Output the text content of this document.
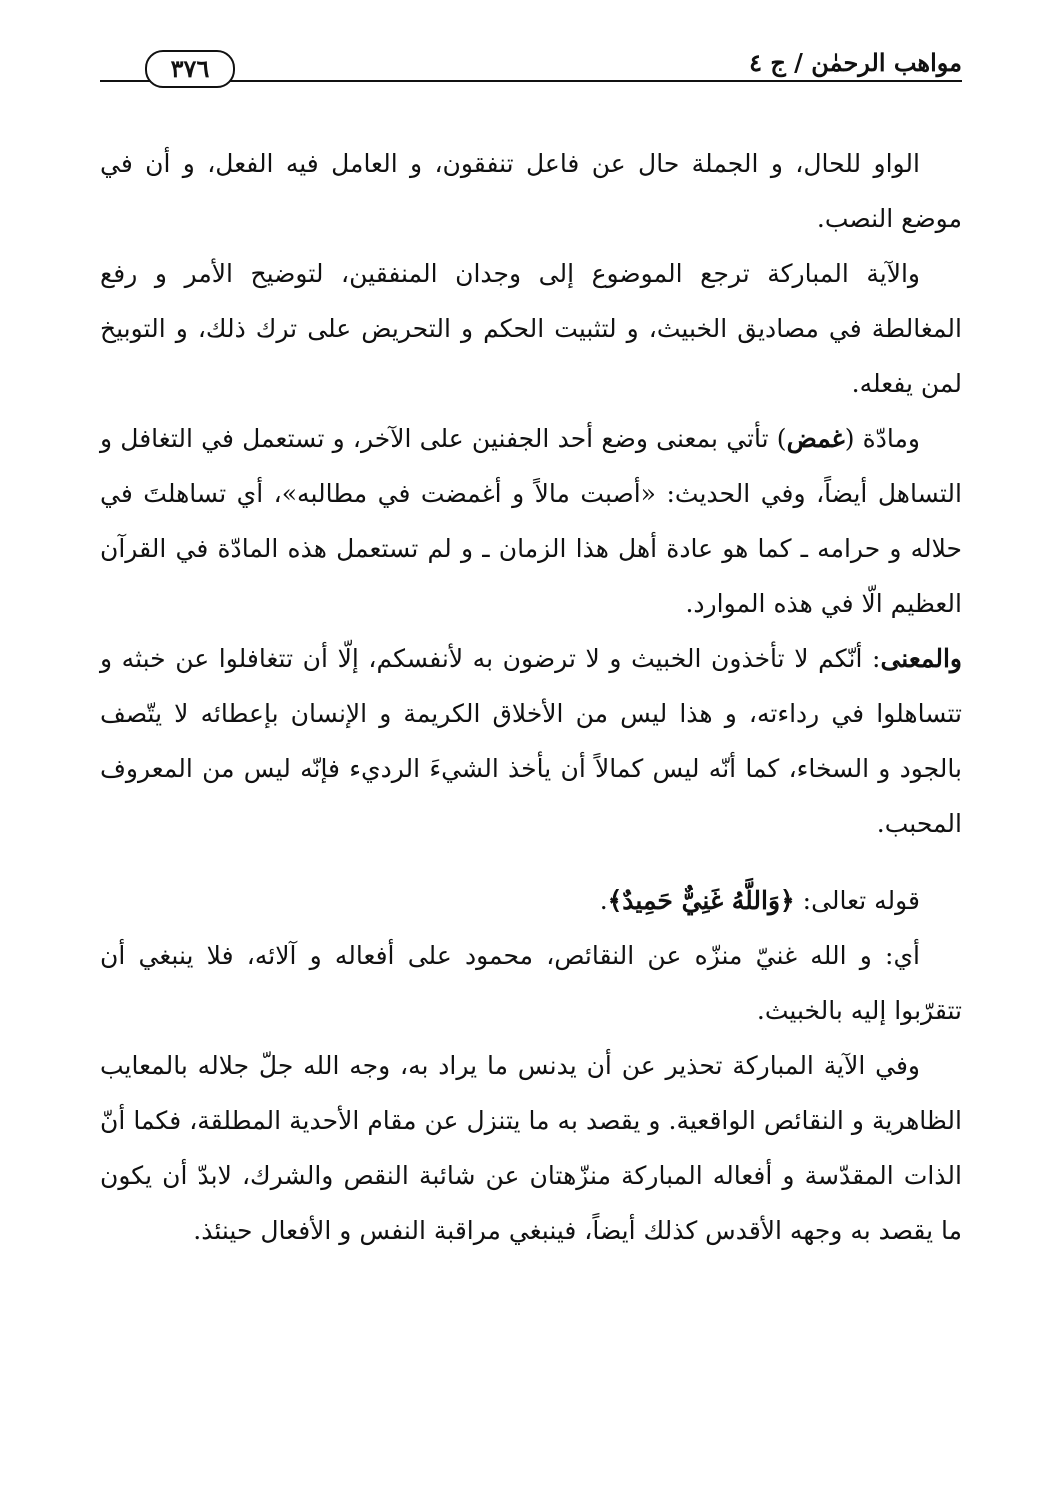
٣٧٦	مواهب الرحمٰن / ج ٤

الواو للحال، و الجملة حال عن فاعل تنفقون، و العامل فيه الفعل، و أن في موضع النصب.

والآية المباركة ترجع الموضوع إلى وجدان المنفقين، لتوضيح الأمر و رفع المغالطة في مصاديق الخبيث، و لتثبيت الحكم و التحريض على ترك ذلك، و التوبيخ لمن يفعله.

ومادّة (غمض) تأتي بمعنى وضع أحد الجفنين على الآخر، و تستعمل في التغافل و التساهل أيضاً، وفي الحديث: «أصبت مالاً و أغمضت في مطالبه»، أي تساهلتَ في حلاله و حرامه ـ كما هو عادة أهل هذا الزمان ـ و لم تستعمل هذه المادّة في القرآن العظيم الّا في هذه الموارد.

والمعنى: أنّكم لا تأخذون الخبيث و لا ترضون به لأنفسكم، إلّا أن تتغافلوا عن خبثه و تتساهلوا في رداءته، و هذا ليس من الأخلاق الكريمة و الإنسان بإعطائه لا يتّصف بالجود و السخاء، كما أنّه ليس كمالاً أن يأخذ الشيءَ الرديء فإنّه ليس من المعروف المحبب.

قوله تعالى: ﴿وَاللَّهُ غَنِيٌّ حَمِيدٌ﴾.

أي: و الله غنيّ منزّه عن النقائص، محمود على أفعاله و آلائه، فلا ينبغي أن تتقرّبوا إليه بالخبيث.

وفي الآية المباركة تحذير عن أن يدنس ما يراد به، وجه الله جلّ جلاله بالمعايب الظاهرية و النقائص الواقعية. و يقصد به ما يتنزل عن مقام الأحدية المطلقة، فكما أنّ الذات المقدّسة و أفعاله المباركة منزّهتان عن شائبة النقص والشرك، لابدّ أن يكون ما يقصد به وجهه الأقدس كذلك أيضاً، فينبغي مراقبة النفس و الأفعال حينئذ.
